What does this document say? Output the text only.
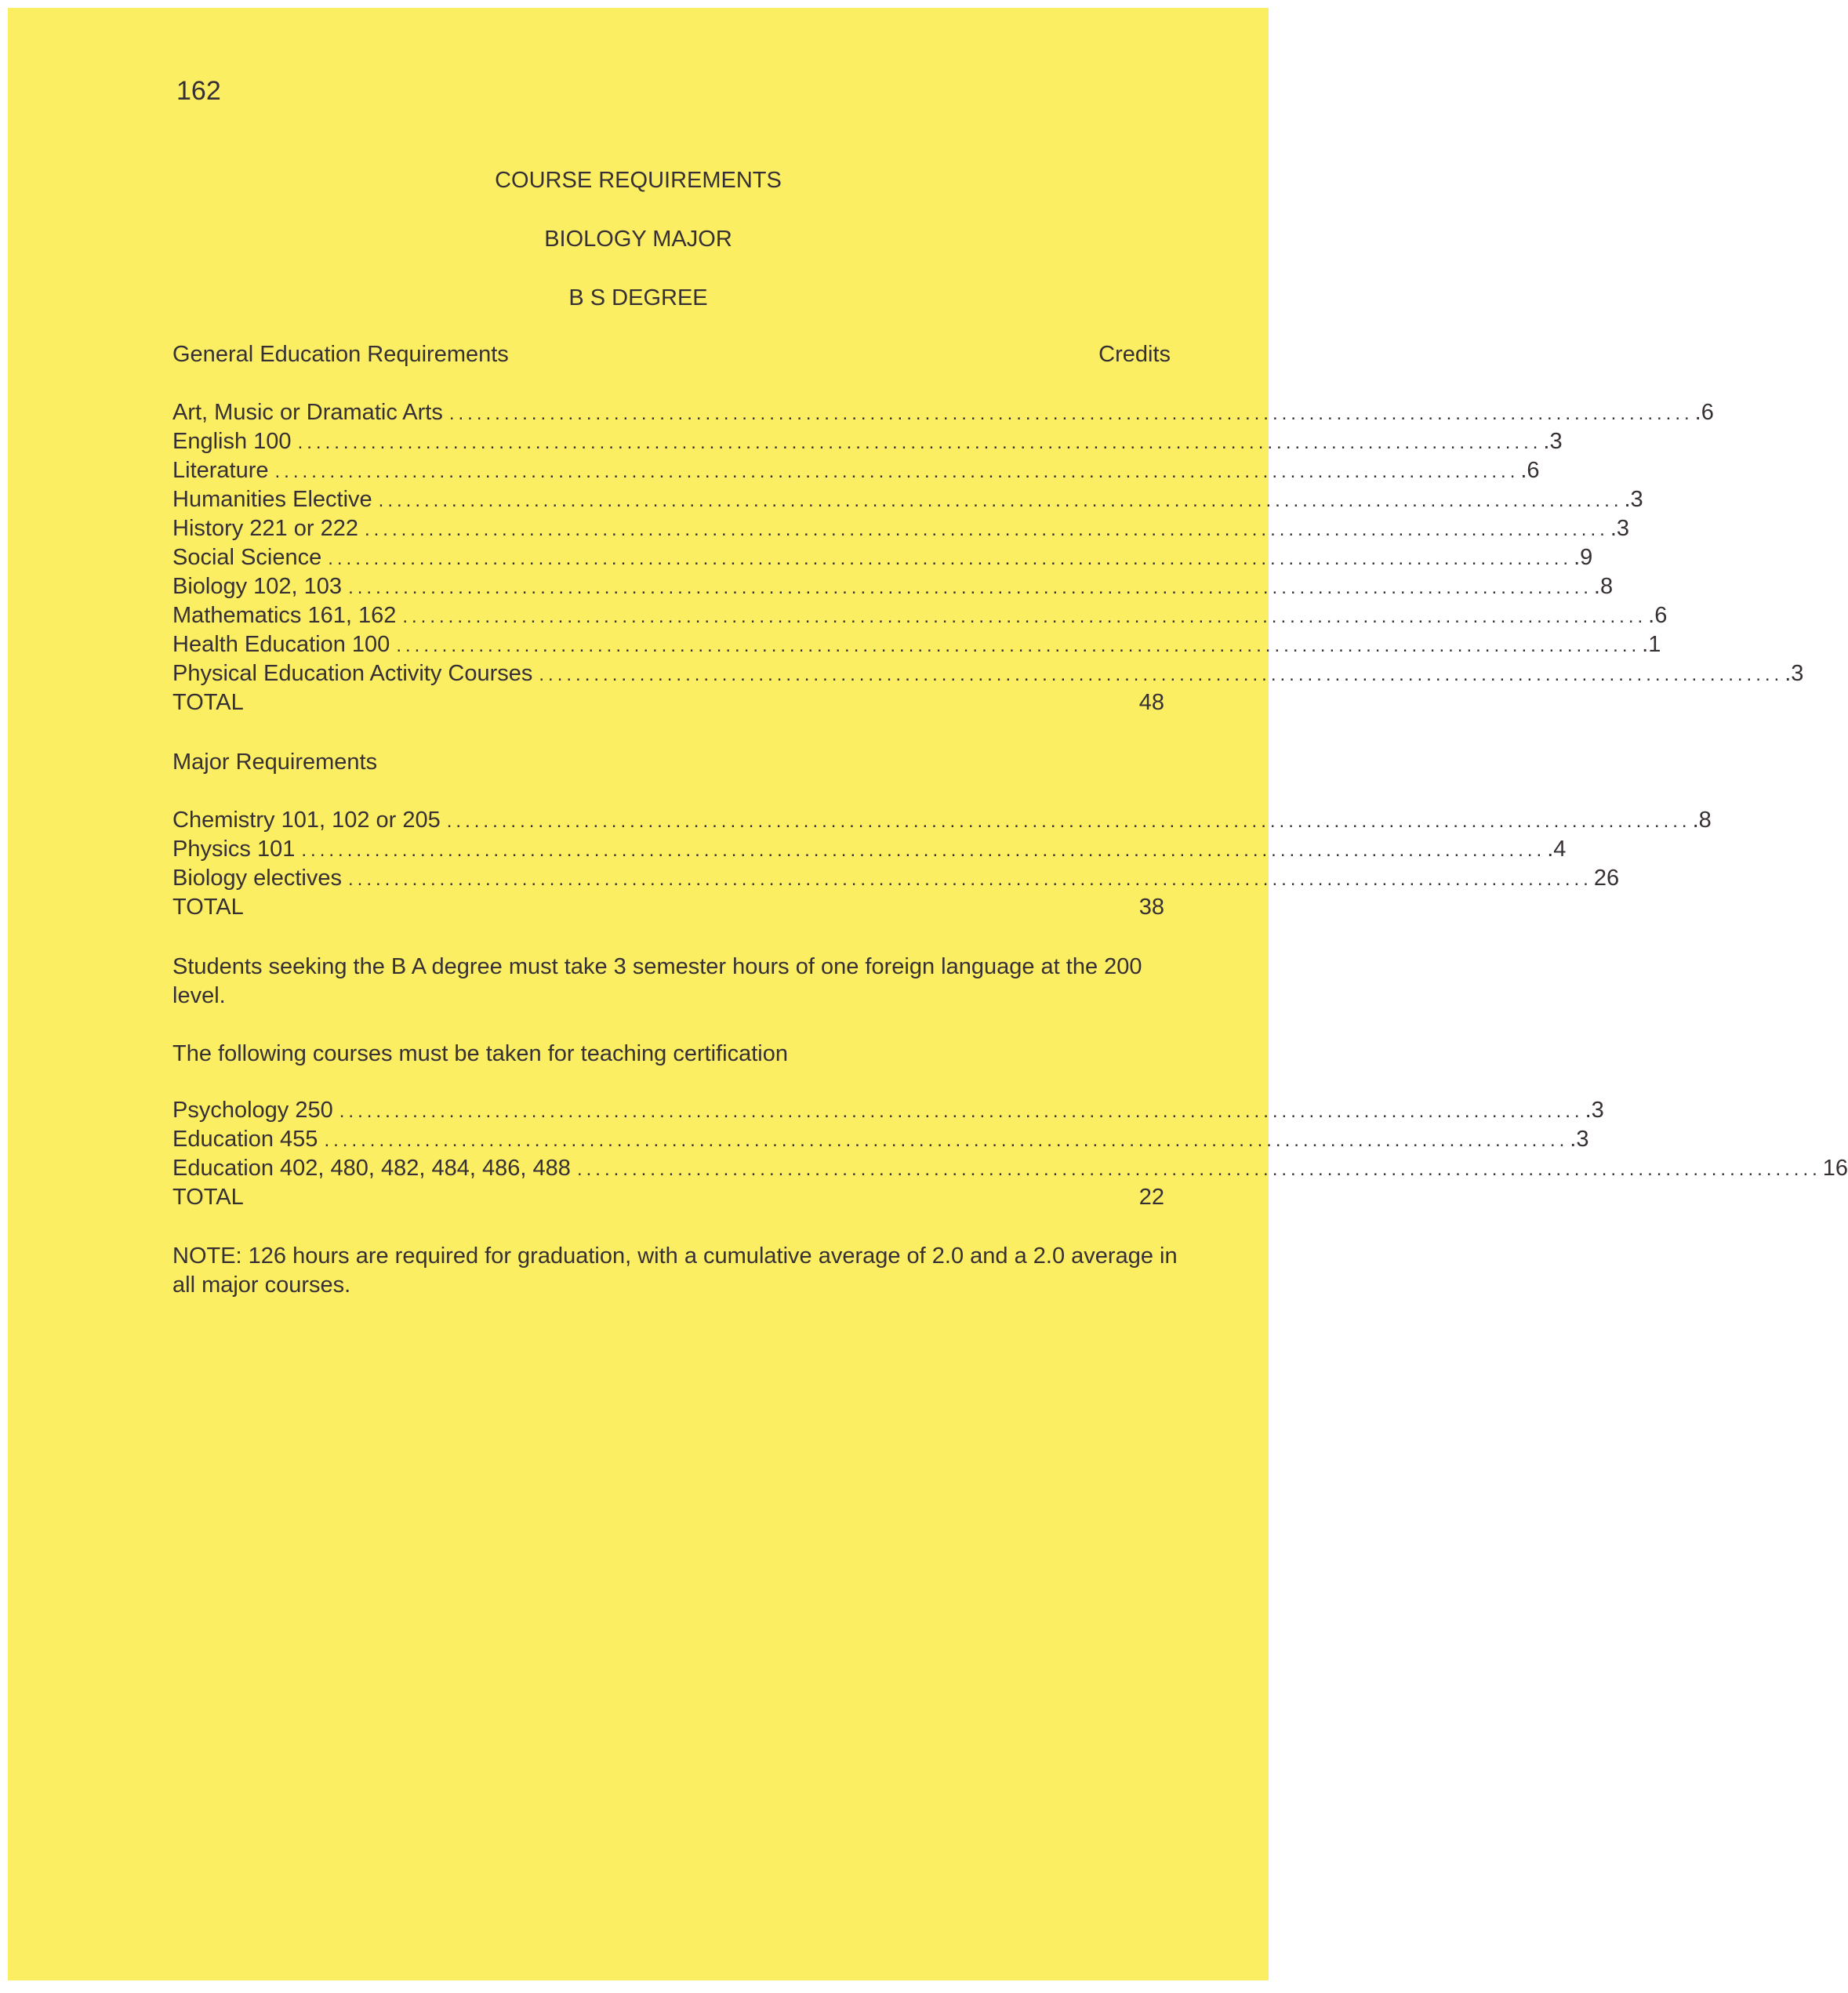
162
COURSE REQUIREMENTS
BIOLOGY MAJOR
B S DEGREE
General Education Requirements	Credits
Art, Music or Dramatic Arts ........................................................................................................................................ .6
English 100 ........................................................................................................................................ .3
Literature ........................................................................................................................................ .6
Humanities Elective ........................................................................................................................................ .3
History 221 or 222 ........................................................................................................................................ .3
Social Science ........................................................................................................................................ .9
Biology 102, 103 ........................................................................................................................................ .8
Mathematics 161, 162 ........................................................................................................................................ .6
Health Education 100 ........................................................................................................................................ .1
Physical Education Activity Courses ........................................................................................................................................ .3
TOTAL	48
Major Requirements
Chemistry 101, 102 or 205 ........................................................................................................................................ .8
Physics 101 ........................................................................................................................................ .4
Biology electives ........................................................................................................................................ 26
TOTAL	38
Students seeking the B A degree must take 3 semester hours of one foreign language at the 200 level.
The following courses must be taken for teaching certification
Psychology 250 ........................................................................................................................................ .3
Education 455 ........................................................................................................................................ .3
Education 402, 480, 482, 484, 486, 488 ........................................................................................................................................ 16
TOTAL	22
NOTE: 126 hours are required for graduation, with a cumulative average of 2.0 and a 2.0 average in all major courses.
